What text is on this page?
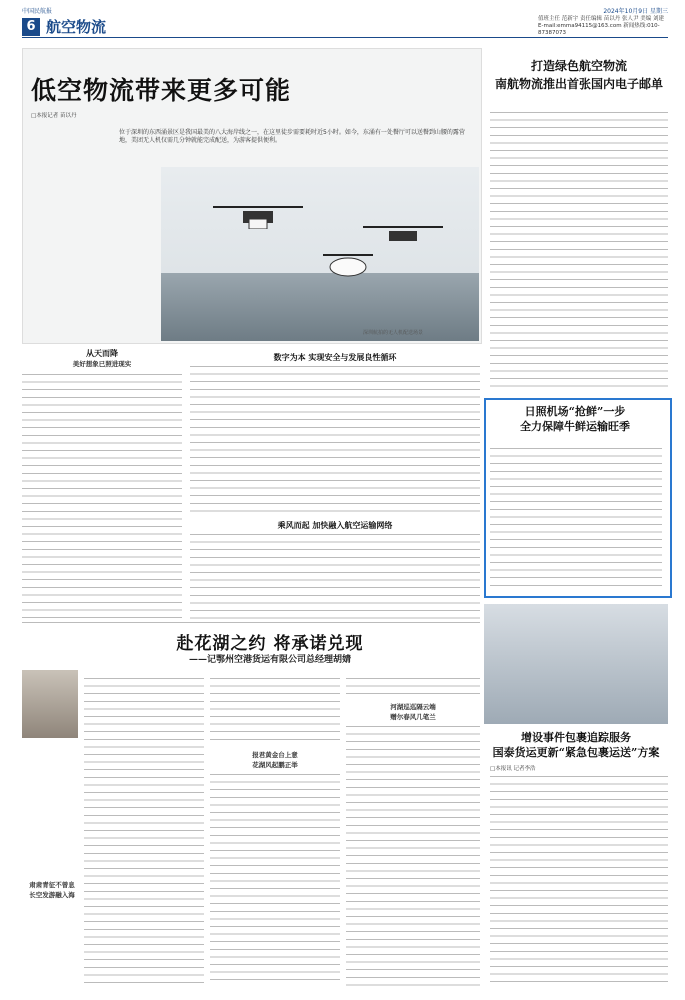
中国民航报	2024年10月9日 星期三
6 航空物流	值班主任 范新宇 责任编辑 苗以丹 张人尹 美编 刘建 E-mail:emma94115@163.com 新闻热线:010-87387073
低空物流带来更多可能
□本报记者 苗以丹
位于深圳的东西涌景区是我国最美的八大海岸线之一，在这里徒步需要耗时近5小时。如今，东涌有一处餐厅可以送餐到山腰的露营地，美团无人机仅需几分钟就能完成配送，为游客提供便利。
深圳航拍的无人机配送场景
从天而降
美好想象已照进现实
数字为本 实现安全与发展良性循环
乘风而起 加快融入航空运输网络
打造绿色航空物流
南航物流推出首张国内电子邮单
日照机场“抢鲜”一步
全力保障牛鲜运输旺季
增设事件包裹追踪服务
国泰货运更新“紧急包裹运送”方案
□本报讯 记者李浩
赴花湖之约 将承诺兑现
——记鄂州空港货运有限公司总经理胡婧
肃肃青征不曾息
长空发游融入海
报君黄金台上意
花湖风起鹏正举
河湖巡巡隔云端
赠尔春风几笔兰
